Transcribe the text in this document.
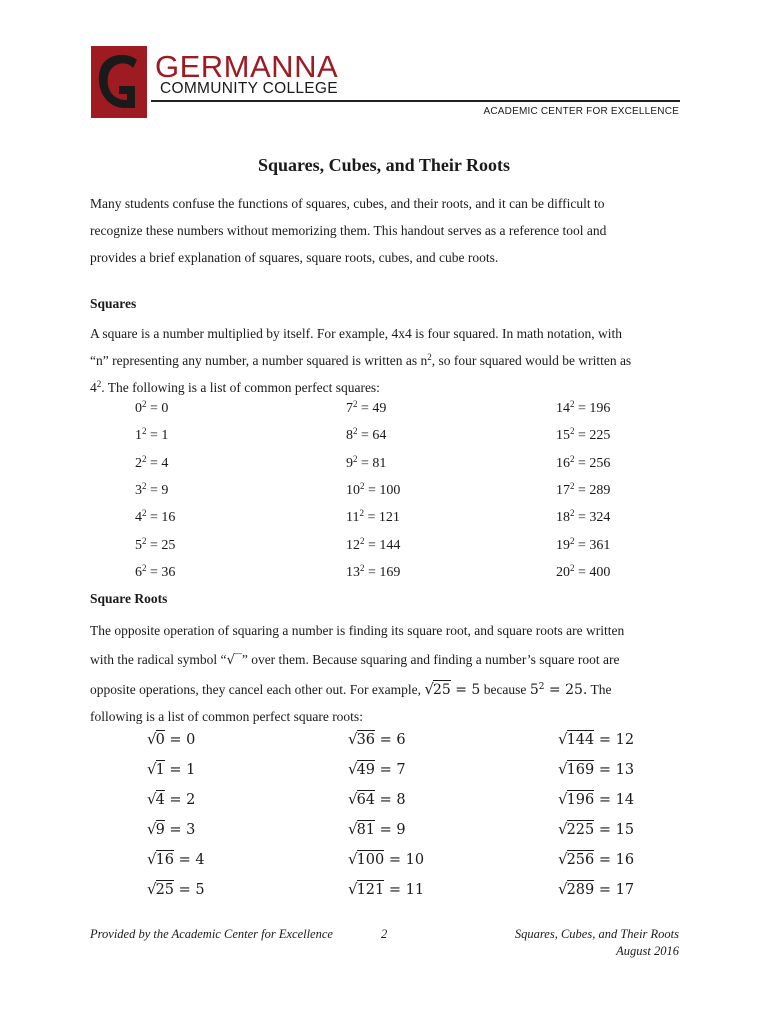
GERMANNA
COMMUNITY COLLEGE
ACADEMIC CENTER FOR EXCELLENCE
Squares, Cubes, and Their Roots

Many students confuse the functions of squares, cubes, and their roots, and it can be difficult to

recognize these numbers without memorizing them. This handout serves as a reference tool and

provides a brief explanation of squares, square roots, cubes, and cube roots.

Squares

A square is a number multiplied by itself. For example, 4x4 is four squared. In math notation, with

“n” representing any number, a number squared is written as $n^2$, so four squared would be written as

$4^2$. The following is a list of common perfect squares:

$0^2 = 0$
$1^2 = 1$
$2^2 = 4$
$3^2 = 9$
$4^2 = 16$
$5^2 = 25$
$6^2 = 36$
$7^2 = 49$
$8^2 = 64$
$9^2 = 81$
$10^2 = 100$
$11^2 = 121$
$12^2 = 144$
$13^2 = 169$
$14^2 = 196$
$15^2 = 225$
$16^2 = 256$
$17^2 = 289$
$18^2 = 324$
$19^2 = 361$
$20^2 = 400$
Square Roots

The opposite operation of squaring a number is finding its square root, and square roots are written

with the radical symbol “√‾” over them. Because squaring and finding a number’s square root are

opposite operations, they cancel each other out. For example, √25 = 5 because $5^2 = 25$. The

following is a list of common perfect square roots:

√0 = 0
√1 = 1
√4 = 2
√9 = 3
√16 = 4
√25 = 5
√36 = 6
√49 = 7
√64 = 8
√81 = 9
√100 = 10
√121 = 11
√144 = 12
√169 = 13
√196 = 14
√225 = 15
√256 = 16
√289 = 17
Provided by the Academic Center for Excellence	2	Squares, Cubes, and Their Roots
August 2016
